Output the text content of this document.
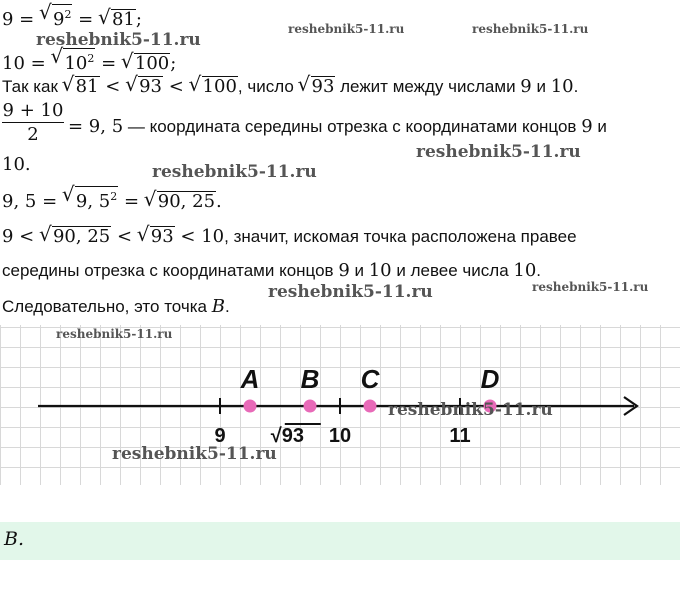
9 = √ $9^2$ = √ 81;
10 = √ $10^2$ = √ 100;
Так как √ 81 < √ 93 < √ 100, число √ 93 лежит между числами 9 и 10.
$\frac{9 + 10}{2} = 9$, 5 — координата середины отрезка с координатами концов 9 и
10.
9, 5 = √ 9, $5^2$ = √ 90, 25.
9 < √ 90, 25 < √ 93 < 10, значит, искомая точка расположена правее
середины отрезка с координатами концов 9 и 10 и левее числа 10.
Следовательно, это точка B.
9 √93 10	11
A B C	D
B.
reshebnik5-11.ru	reshebnik5-11.ru
reshebnik5-11.ru
reshebnik5-11.ru
reshebnik5-11.ru
reshebnik5-11.ru	reshebnik5-11.ru
reshebnik5-11.ru
reshebnik5-11.ru
reshebnik5-11.ru
